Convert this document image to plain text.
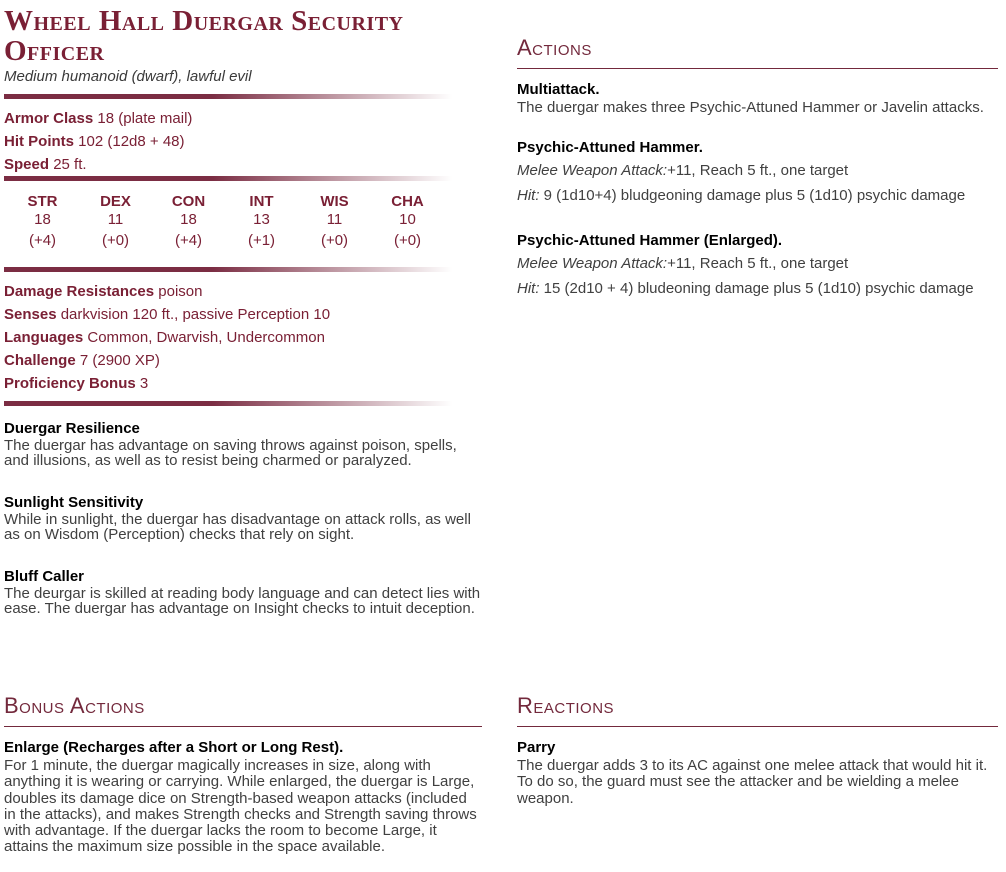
Wheel Hall Duergar Security Officer
Medium humanoid (dwarf), lawful evil
Armor Class 18 (plate mail)
Hit Points 102 (12d8 + 48)
Speed 25 ft.
STR
18
(+4)
DEX
11
(+0)
CON
18
(+4)
INT
13
(+1)
WIS
11
(+0)
CHA
10
(+0)
Damage Resistances poison
Senses darkvision 120 ft., passive Perception 10
Languages Common, Dwarvish, Undercommon
Challenge 7 (2900 XP)
Proficiency Bonus 3
Duergar Resilience

The duergar has advantage on saving throws against poison, spells, and illusions, as well as to resist being charmed or paralyzed.

Sunlight Sensitivity

While in sunlight, the duergar has disadvantage on attack rolls, as well as on Wisdom (Perception) checks that rely on sight.

Bluff Caller

The deurgar is skilled at reading body language and can detect lies with ease. The duergar has advantage on Insight checks to intuit deception.

Actions
Multiattack.

The duergar makes three Psychic-Attuned Hammer or Javelin attacks.

Psychic-Attuned Hammer.

Melee Weapon Attack:+11, Reach 5 ft., one target

Hit: 9 (1d10+4) bludgeoning damage plus 5 (1d10) psychic damage

Psychic-Attuned Hammer (Enlarged).

Melee Weapon Attack:+11, Reach 5 ft., one target

Hit: 15 (2d10 + 4) bludeoning damage plus 5 (1d10) psychic damage

Bonus Actions
Enlarge (Recharges after a Short or Long Rest).

For 1 minute, the duergar magically increases in size, along with anything it is wearing or carrying. While enlarged, the duergar is Large, doubles its damage dice on Strength-based weapon attacks (included in the attacks), and makes Strength checks and Strength saving throws with advantage. If the duergar lacks the room to become Large, it attains the maximum size possible in the space available.

Reactions
Parry

The duergar adds 3 to its AC against one melee attack that would hit it. To do so, the guard must see the attacker and be wielding a melee weapon.
